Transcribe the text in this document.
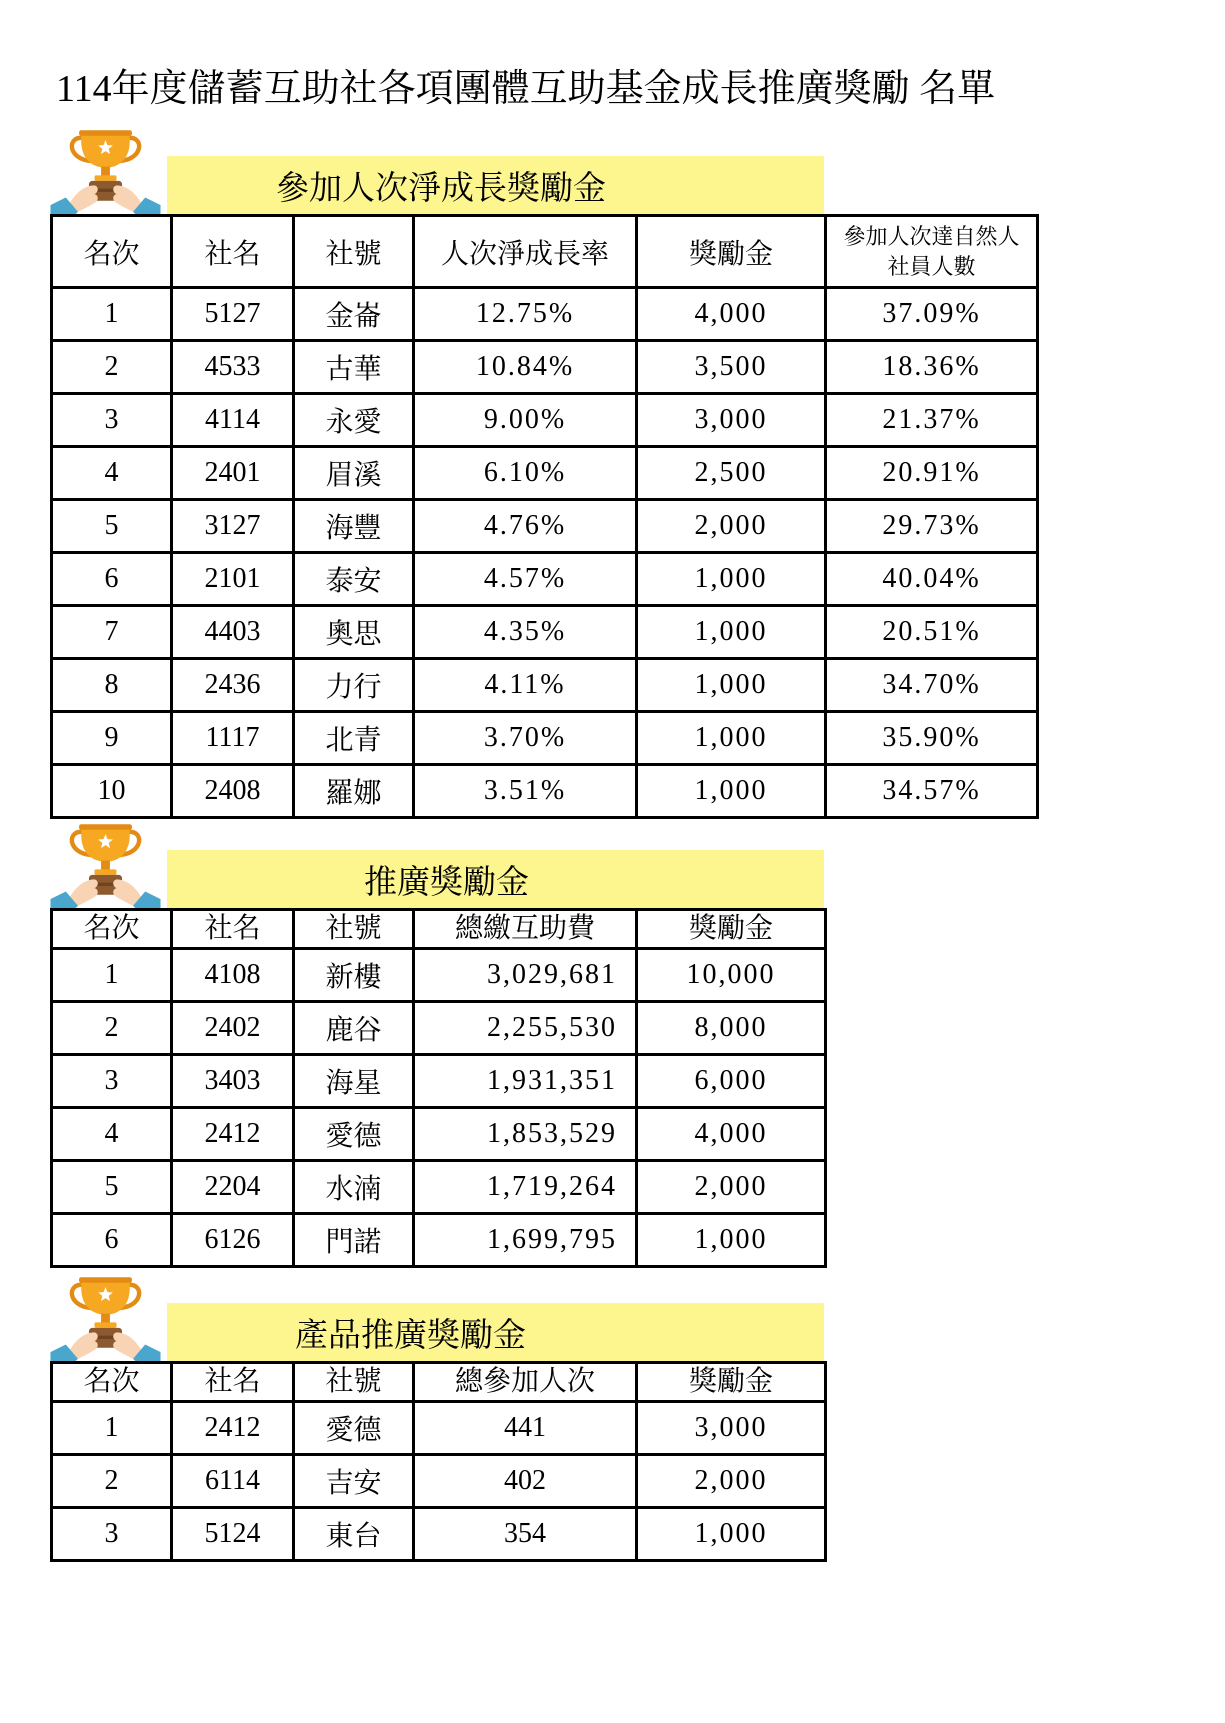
114年度儲蓄互助社各項團體互助基金成長推廣獎勵 名單
參加人次淨成長獎勵金
名次	社名	社號	人次淨成長率	獎勵金	參加人次達自然人
社員人數

1	5127	金崙	12.75%	4,000	37.09%
2	4533	古華	10.84%	3,500	18.36%
3	4114	永愛	9.00%	3,000	21.37%
4	2401	眉溪	6.10%	2,500	20.91%
5	3127	海豐	4.76%	2,000	29.73%
6	2101	泰安	4.57%	1,000	40.04%
7	4403	奧思	4.35%	1,000	20.51%
8	2436	力行	4.11%	1,000	34.70%
9	1117	北青	3.70%	1,000	35.90%
10	2408	羅娜	3.51%	1,000	34.57%
推廣獎勵金
名次	社名	社號	總繳互助費	獎勵金
1	4108	新樓	3,029,681	10,000
2	2402	鹿谷	2,255,530	8,000
3	3403	海星	1,931,351	6,000
4	2412	愛德	1,853,529	4,000
5	2204	水湳	1,719,264	2,000
6	6126	門諾	1,699,795	1,000
產品推廣獎勵金
名次	社名	社號	總參加人次	獎勵金
1	2412	愛德	441	3,000
2	6114	吉安	402	2,000
3	5124	東台	354	1,000
